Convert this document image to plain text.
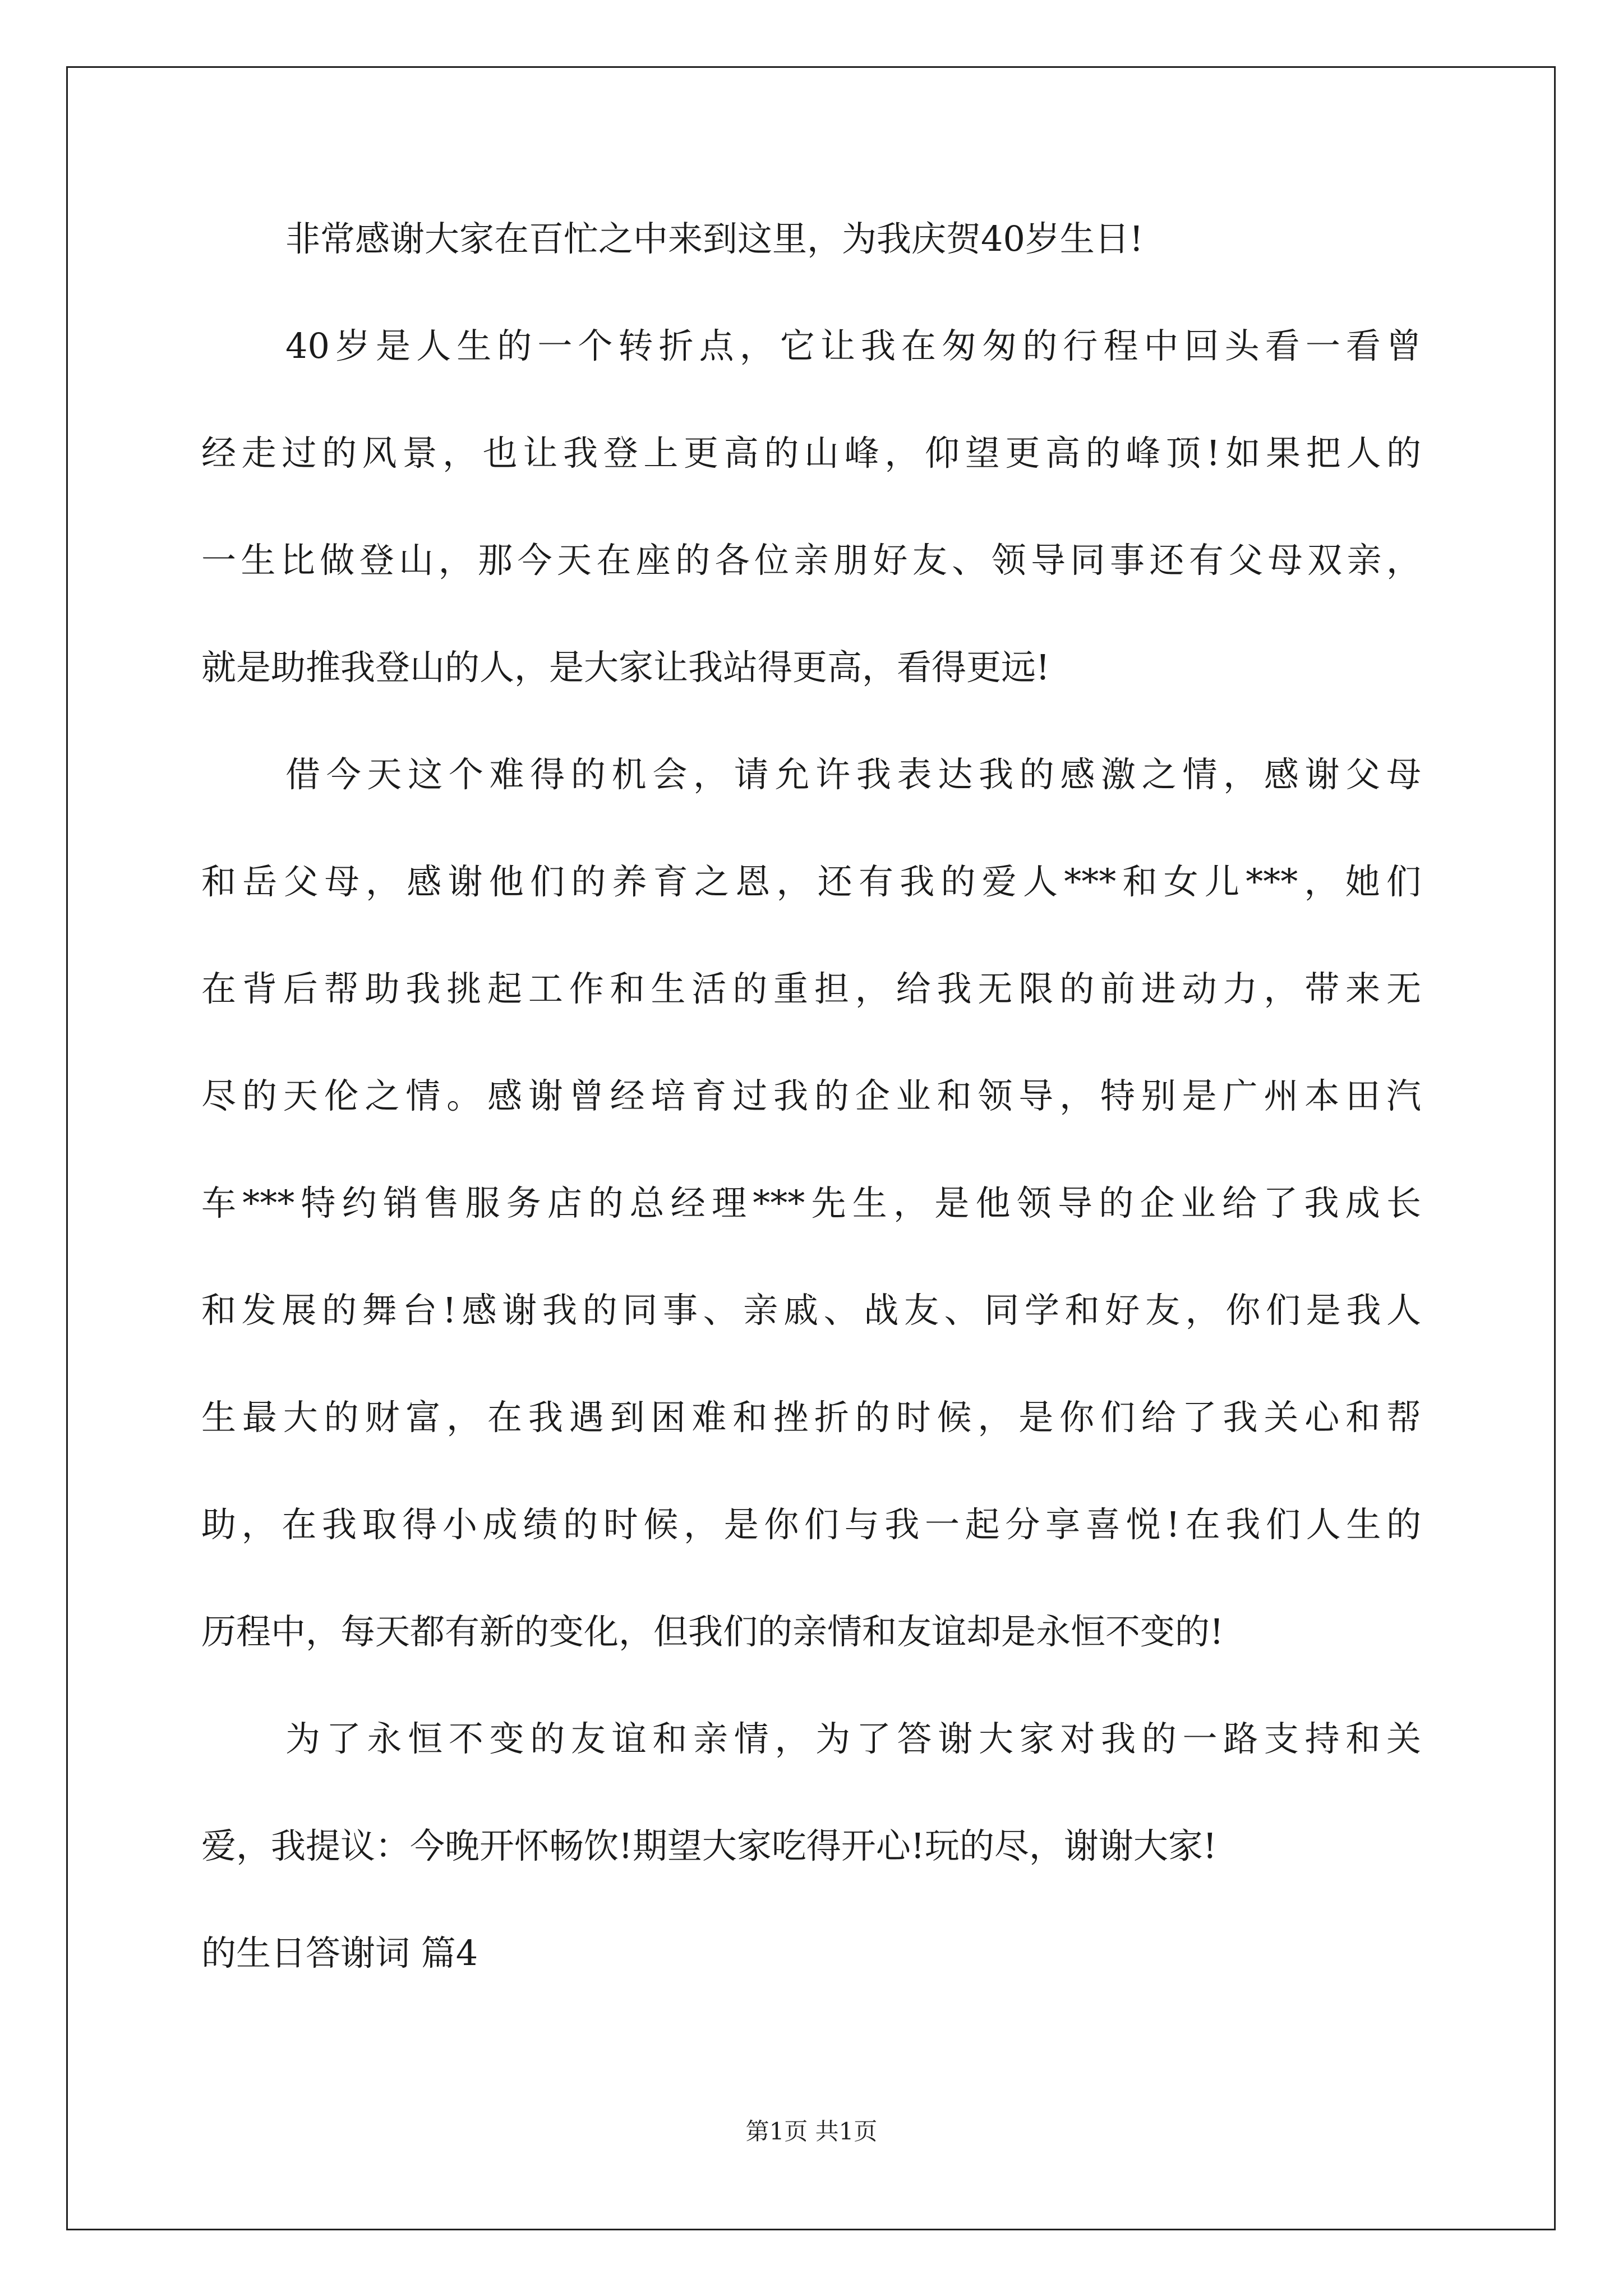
非常感谢大家在百忙之中来到这里，为我庆贺40岁生日!
40岁是人生的一个转折点，它让我在匆匆的行程中回头看一看曾
经走过的风景，也让我登上更高的山峰，仰望更高的峰顶!如果把人的
一生比做登山，那今天在座的各位亲朋好友、领导同事还有父母双亲，
就是助推我登山的人，是大家让我站得更高，看得更远!
借今天这个难得的机会，请允许我表达我的感激之情，感谢父母
和岳父母，感谢他们的养育之恩，还有我的爱人***和女儿***，她们
在背后帮助我挑起工作和生活的重担，给我无限的前进动力，带来无
尽的天伦之情。感谢曾经培育过我的企业和领导，特别是广州本田汽
车***特约销售服务店的总经理***先生，是他领导的企业给了我成长
和发展的舞台!感谢我的同事、亲戚、战友、同学和好友，你们是我人
生最大的财富，在我遇到困难和挫折的时候，是你们给了我关心和帮
助，在我取得小成绩的时候，是你们与我一起分享喜悦!在我们人生的
历程中，每天都有新的变化，但我们的亲情和友谊却是永恒不变的!
为了永恒不变的友谊和亲情，为了答谢大家对我的一路支持和关
爱，我提议：今晚开怀畅饮!期望大家吃得开心!玩的尽，谢谢大家!
的生日答谢词 篇4
第1页 共1页
